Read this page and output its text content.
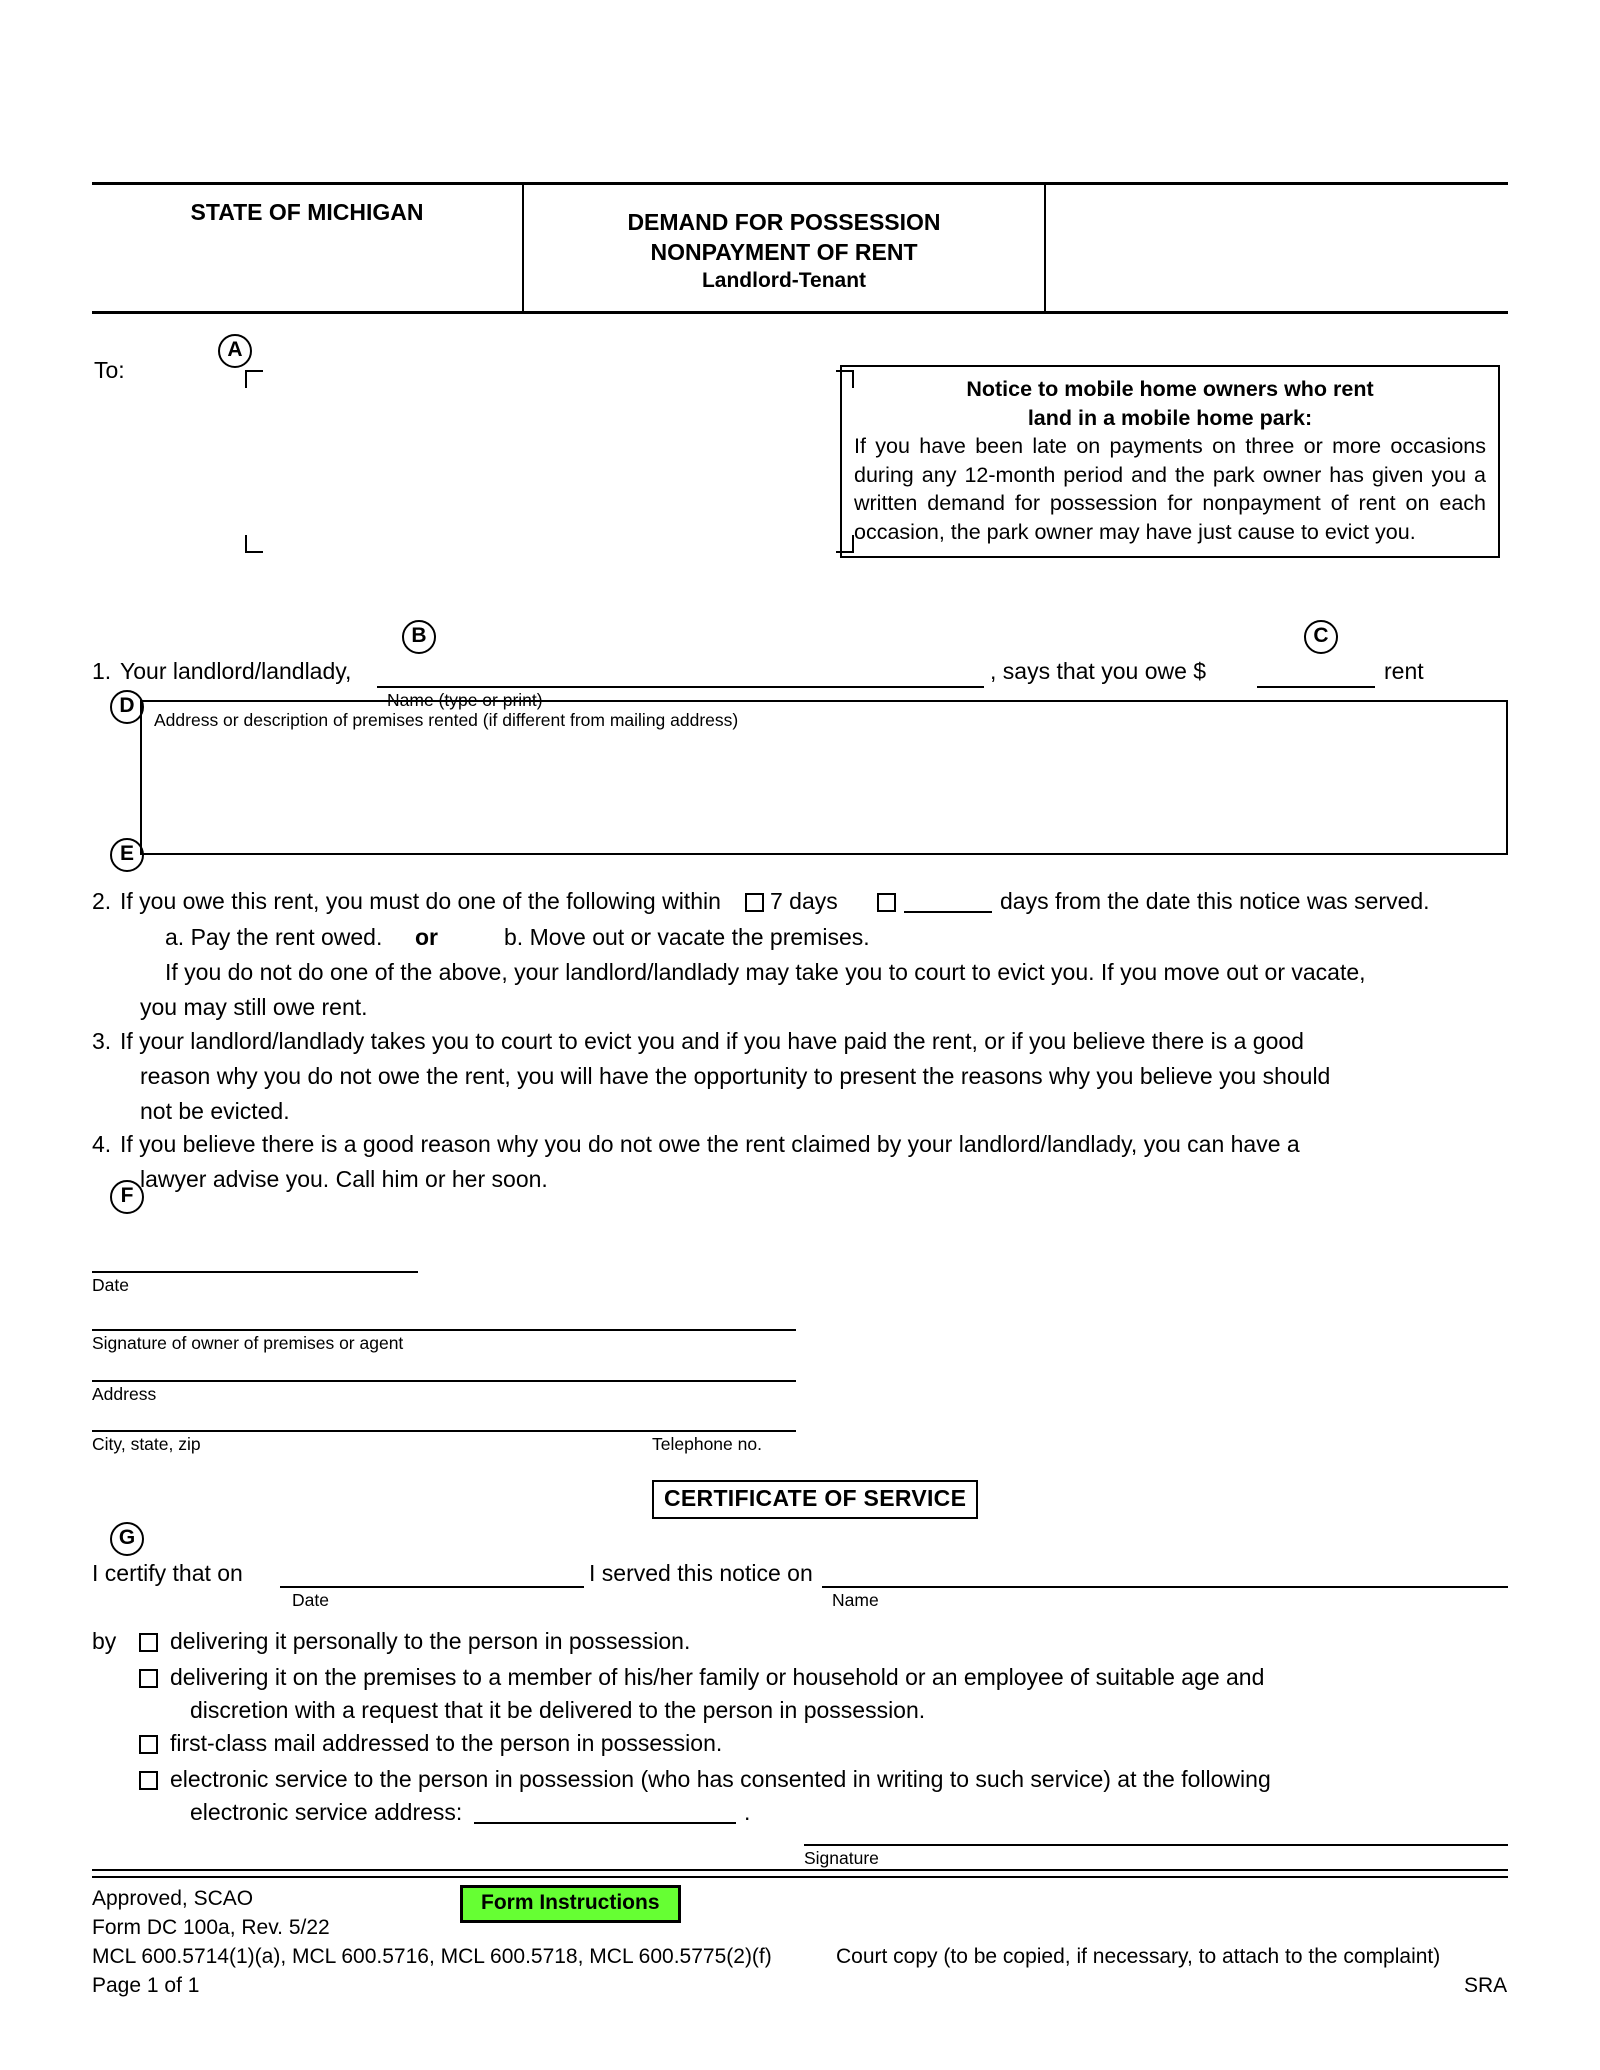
STATE OF MICHIGAN	DEMAND FOR POSSESSION
NONPAYMENT OF RENT
Landlord-Tenant
A
To:
Notice to mobile home owners who rent
land in a mobile home park:
If you have been late on payments on three or more occasions during any 12-month period and the park owner has given you a written demand for possession for nonpayment of rent on each occasion, the park owner may have just cause to evict you.
B	C
1. Your landlord/landlady,
Name (type or print)
, says that you owe $	rent
D
E
Address or description of premises rented (if different from mailing address)
2. If you owe this rent, you must do one of the following within 7 days	days from the date this notice was served.
a. Pay the rent owed. or	b. Move out or vacate the premises.
If you do not do one of the above, your landlord/landlady may take you to court to evict you. If you move out or vacate,
you may still owe rent.
3. If your landlord/landlady takes you to court to evict you and if you have paid the rent, or if you believe there is a good
reason why you do not owe the rent, you will have the opportunity to present the reasons why you believe you should
not be evicted.
4. If you believe there is a good reason why you do not owe the rent claimed by your landlord/landlady, you can have a
lawyer advise you. Call him or her soon.
F
Date
Signature of owner of premises or agent
Address
City, state, zip	Telephone no.
CERTIFICATE OF SERVICE
G
I certify that on
Date
I served this notice on
Name
by delivering it personally to the person in possession.
delivering it on the premises to a member of his/her family or household or an employee of suitable age and
discretion with a request that it be delivered to the person in possession.
first-class mail addressed to the person in possession.
electronic service to the person in possession (who has consented in writing to such service) at the following
electronic service address:	.
Signature
Approved, SCAO
Form DC 100a, Rev. 5/22
MCL 600.5714(1)(a), MCL 600.5716, MCL 600.5718, MCL 600.5775(2)(f)
Page 1 of 1
Form Instructions
Court copy (to be copied, if necessary, to attach to the complaint)
SRA
